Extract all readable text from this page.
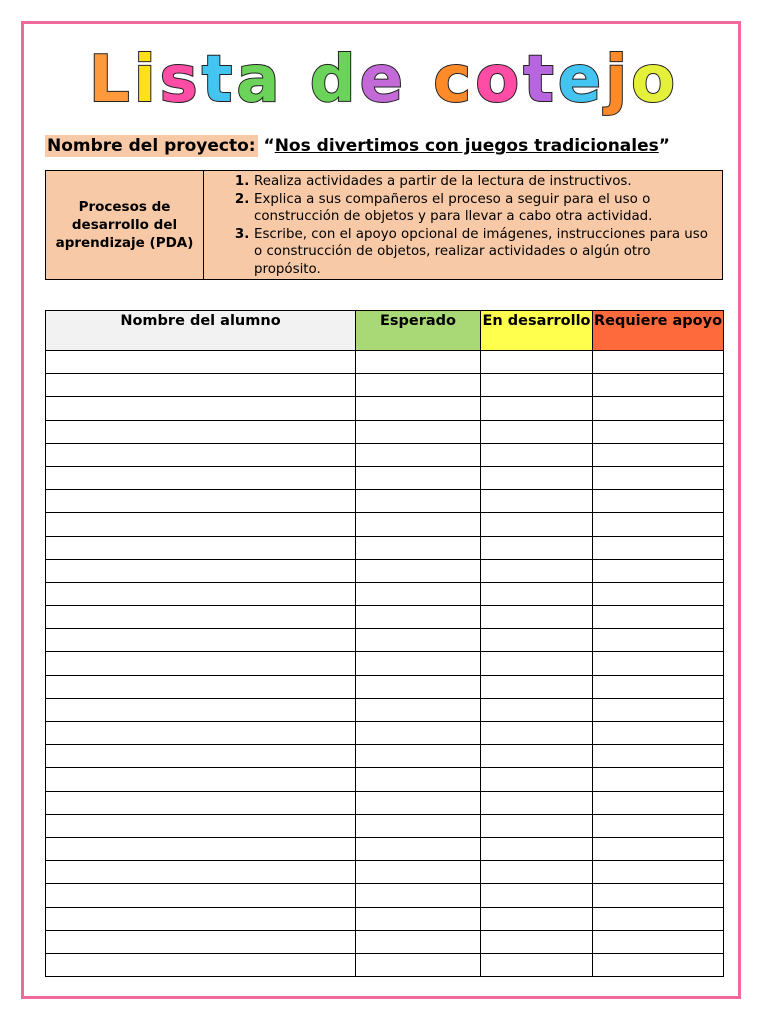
Lista de cotejo
Nombre del proyecto: “Nos divertimos con juegos tradicionales”
Procesos de desarrollo del aprendizaje (PDA)
1. Realiza actividades a partir de la lectura de instructivos.
2. Explica a sus compañeros el proceso a seguir para el uso o construcción de objetos y para llevar a cabo otra actividad.
3. Escribe, con el apoyo opcional de imágenes, instrucciones para uso o construcción de objetos, realizar actividades o algún otro propósito.
Nombre del alumno	Esperado	En desarrollo	Requiere apoyo
